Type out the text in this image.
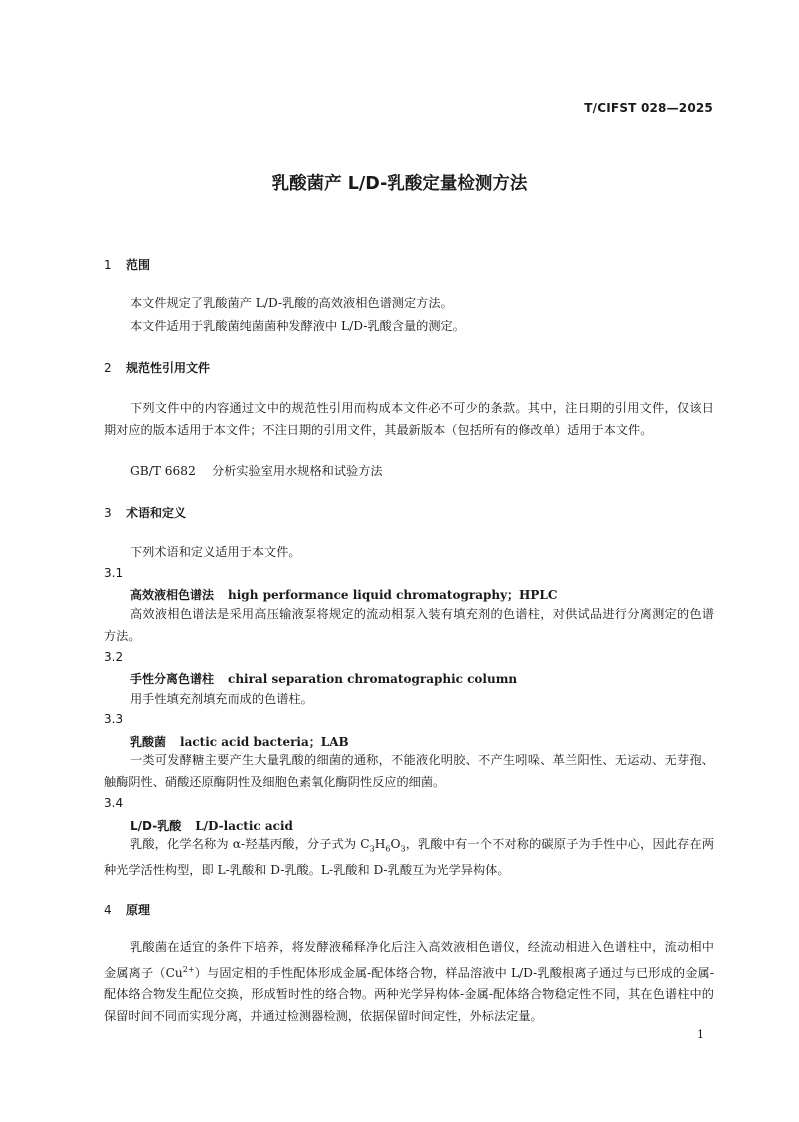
T/CIFST 028—2025
乳酸菌产 L/D-乳酸定量检测方法
1 范围
本文件规定了乳酸菌产 L/D-乳酸的高效液相色谱测定方法。
本文件适用于乳酸菌纯菌菌种发酵液中 L/D-乳酸含量的测定。
2 规范性引用文件

下列文件中的内容通过文中的规范性引用而构成本文件必不可少的条款。其中，注日期的引用文件，仅该日期对应的版本适用于本文件；不注日期的引用文件，其最新版本（包括所有的修改单）适用于本文件。

GB/T 6682 分析实验室用水规格和试验方法
3 术语和定义
下列术语和定义适用于本文件。
3.1
高效液相色谱法 high performance liquid chromatography；HPLC

高效液相色谱法是采用高压输液泵将规定的流动相泵入装有填充剂的色谱柱，对供试品进行分离测定的色谱方法。

3.2
手性分离色谱柱 chiral separation chromatographic column
用手性填充剂填充而成的色谱柱。
3.3
乳酸菌 lactic acid bacteria；LAB

一类可发酵糖主要产生大量乳酸的细菌的通称，不能液化明胶、不产生吲哚、革兰阳性、无运动、无芽孢、触酶阴性、硝酸还原酶阴性及细胞色素氧化酶阴性反应的细菌。

3.4
L/D-乳酸 L/D-lactic acid

乳酸，化学名称为 α-羟基丙酸，分子式为 $C_3H_6O_3$，乳酸中有一个不对称的碳原子为手性中心，因此存在两种光学活性构型，即 L-乳酸和 D-乳酸。L-乳酸和 D-乳酸互为光学异构体。

4 原理

乳酸菌在适宜的条件下培养，将发酵液稀释净化后注入高效液相色谱仪，经流动相进入色谱柱中，流动相中金属离子$(Cu^{2+})$与固定相的手性配体形成金属-配体络合物，样品溶液中 L/D-乳酸根离子通过与已形成的金属-配体络合物发生配位交换，形成暂时性的络合物。两种光学异构体-金属-配体络合物稳定性不同，其在色谱柱中的保留时间不同而实现分离，并通过检测器检测，依据保留时间定性，外标法定量。

1
